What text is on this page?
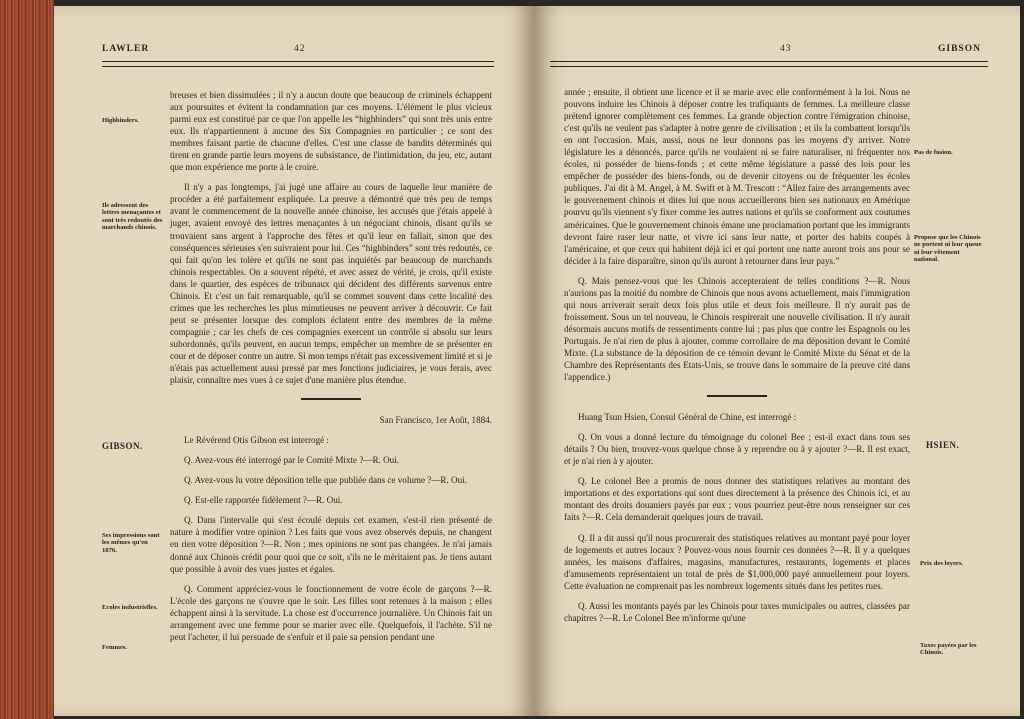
LAWLER	42
Highbinders.
Ils adressent des lettres menaçantes et sont très redoutés des marchands chinois.
Ses impressions sont les mêmes qu'en 1876.
Ecoles industrielles.
Femmes.
GIBSON.

breuses et bien dissimulées ; il n'y a aucun doute que beaucoup de criminels échappent aux poursuites et évitent la condamnation par ces moyens. L'élément le plus vicieux parmi eux est constitué par ce que l'on appelle les “highbinders” qui sont très unis entre eux. Ils n'appartiennent à aucune des Six Compagnies en particulier ; ce sont des membres faisant partie de chacune d'elles. C'est une classe de bandits déterminés qui tirent en grande partie leurs moyens de subsistance, de l'intimidation, du jeu, etc, autant que mon expérience me porte à le croire.

Il n'y a pas longtemps, j'ai jugé une affaire au cours de laquelle leur manière de procéder a été parfaitement expliquée. La preuve a démontré que très peu de temps avant le commencement de la nouvelle année chinoise, les accusés que j'étais appelé à juger, avaient envoyé des lettres menaçantes à un négociant chinois, disant qu'ils se trouvaient sans argent à l'approche des fêtes et qu'il leur en fallait, sinon que des conséquences sérieuses s'en suivraient pour lui. Ces “highbinders” sont très redoutés, ce qui fait qu'on les tolère et qu'ils ne sont pas inquiétés par beaucoup de marchands chinois respectables. On a souvent répété, et avec assez de vérité, je crois, qu'il existe dans le quartier, des espèces de tribunaux qui décident des différents survenus entre Chinois. Et c'est un fait remarquable, qu'il se commet souvent dans cette localité des crimes que les recherches les plus minutieuses ne peuvent arriver à découvrir. Ce fait peut se présenter lorsque des complots éclatent entre des membres de la même compagnie ; car les chefs de ces compagnies exercent un contrôle si absolu sur leurs subordonnés, qu'ils peuvent, en aucun temps, empêcher un membre de se présenter en cour et de déposer contre un autre. Si mon temps n'était pas excessivement limité et si je n'étais pas actuellement aussi pressé par mes fonctions judiciaires, je vous ferais, avec plaisir, connaître mes vues à ce sujet d'une manière plus étendue.

San Francisco, 1er Août, 1884.

Le Révérend Otis Gibson est interrogé :

Q. Avez-vous été interrogé par le Comité Mixte ?—R. Oui.

Q. Avez-vous lu votre déposition telle que publiée dans ce volume ?—R. Oui.

Q. Est-elle rapportée fidèlement ?—R. Oui.

Q. Dans l'intervalle qui s'est écoulé depuis cet examen, s'est-il rien présenté de nature à modifier votre opinion ? Les faits que vous avez observés depuis, ne changent en rien votre déposition ?—R. Non ; mes opinions ne sont pas changées. Je n'ai jamais donné aux Chinois crédit pour quoi que ce soit, s'ils ne le méritaient pas. Je tiens autant que possible à avoir des vues justes et égales.

Q. Comment appréciez-vous le fonctionnement de votre école de garçons ?—R. L'école des garçons ne s'ouvre que le soir. Les filles sont retenues à la maison ; elles échappent ainsi à la servitude. La chose est d'occurrence journalière. Un Chinois fait un arrangement avec une femme pour se marier avec elle. Quelquefois, il l'achète. S'il ne peut l'acheter, il lui persuade de s'enfuir et il paie sa pension pendant une

43	GIBSON
Pas de fusion.
Propose que les Chinois ne portent ni leur queue ni leur vêtement national.
Prix des loyers.
Taxes payées par les Chinois.
HSIEN.

année ; ensuite, il obtient une licence et il se marie avec elle conformément à la loi. Nous ne pouvons induire les Chinois à déposer contre les trafiquants de femmes. La meilleure classe prétend ignorer complètement ces femmes. La grande objection contre l'émigration chinoise, c'est qu'ils ne veulent pas s'adapter à notre genre de civilisation ; et ils la combattent lorsqu'ils en ont l'occasion. Mais, aussi, nous ne leur donnons pas les moyens d'y arriver. Notre législature les a dénoncés, parce qu'ils ne voulaient ni se faire naturaliser, ni fréquenter nos écoles, ni posséder de biens-fonds ; et cette même législature a passé des lois pour les empêcher de posséder des biens-fonds, ou de devenir citoyens ou de fréquenter les écoles publiques. J'ai dit à M. Angel, à M. Swift et à M. Trescott : “Allez faire des arrangements avec le gouvernement chinois et dites lui que nous accueillerons bien ses nationaux en Amérique pourvu qu'ils viennent s'y fixer comme les autres nations et qu'ils se conforment aux coutumes américaines. Que le gouvernement chinois émane une proclamation portant que les immigrants devront faire raser leur natte, et vivre ici sans leur natte, et porter des habits coupés à l'américaine, et que ceux qui habitent déjà ici et qui portent une natte auront trois ans pour se décider à la faire disparaître, sinon qu'ils auront à retourner dans leur pays.”

Q. Mais pensez-vous que les Chinois accepteraient de telles conditions ?—R. Nous n'aurions pas la moitié du nombre de Chinois que nous avons actuellement, mais l'immigration qui nous arriverait serait deux fois plus utile et deux fois meilleure. Il n'y aurait pas de froissement. Sous un tel nouveau, le Chinois respirerait une nouvelle civilisation. Il n'y aurait désormais aucuns motifs de ressentiments contre lui ; pas plus que contre les Espagnols ou les Portugais. Je n'ai rien de plus à ajouter, comme corrollaire de ma déposition devant le Comité Mixte. (La substance de la déposition de ce témoin devant le Comité Mixte du Sénat et de la Chambre des Représentants des Etats-Unis, se trouve dans le sommaire de la preuve cité dans l'appendice.)

Huang Tsun Hsien, Consul Général de Chine, est interrogé :

Q. On vous a donné lecture du témoignage du colonel Bee ; est-il exact dans tous ses détails ? Ou bien, trouvez-vous quelque chose à y reprendre ou à y ajouter ?—R. Il est exact, et je n'ai rien à y ajouter.

Q. Le colonel Bee a promis de nous donner des statistiques relatives au montant des importations et des exportations qui sont dues directement à la présence des Chinois ici, et au montant des droits douaniers payés par eux ; vous pourriez peut-être nous renseigner sur ces faits ?—R. Cela demanderait quelques jours de travail.

Q. Il a dit aussi qu'il nous procurerait des statistiques relatives au montant payé pour loyer de logements et autres locaux ? Pouvez-vous nous fournir ces données ?—R. Il y a quelques années, les maisons d'affaires, magasins, manufactures, restaurants, logements et places d'amusements représentaient un total de près de $1,000,000 payé annuellement pour loyers. Cette évaluation ne comprenait pas les nombreux logements situés dans les petites rues.

Q. Aussi les montants payés par les Chinois pour taxes municipales ou autres, classées par chapitres ?—R. Le Colonel Bee m'informe qu'une
